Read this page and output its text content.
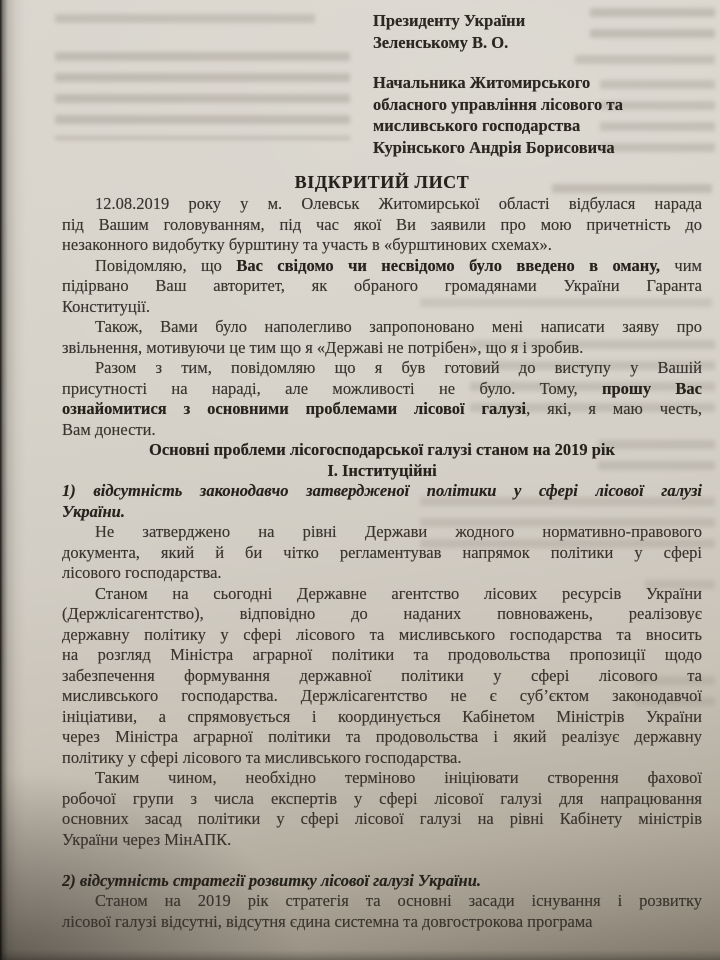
Президенту України
Зеленському В. О.
Начальника Житомирського
обласного управління лісового та
мисливського господарства
Курінського Андрія Борисовича
ВІДКРИТИЙ ЛИСТ
12.08.2019 року у м. Олевськ Житомирської області відбулася нарада
під Вашим головуванням, під час якої Ви заявили про мою причетність до
незаконного видобутку бурштину та участь в «бурштинових схемах».
Повідомляю, що Вас свідомо чи несвідомо було введено в оману, чим
підірвано Ваш авторитет, як обраного громадянами України Гаранта
Конституції.
Також, Вами було наполегливо запропоновано мені написати заяву про
звільнення, мотивуючи це тим що я «Державі не потрібен», що я і зробив.
Разом з тим, повідомляю що я був готовий до виступу у Вашій
присутності на нараді, але можливості не було. Тому, прошу Вас
ознайомитися з основними проблемами лісової галузі, які, я маю честь,
Вам донести.
Основні проблеми лісогосподарської галузі станом на 2019 рік
І. Інституційні
1) відсутність законодавчо затвердженої політики у сфері лісової галузі
України.
Не затверджено на рівні Держави жодного нормативно-правового
документа, який й би чітко регламентував напрямок політики у сфері
лісового господарства.
Станом на сьогодні Державне агентство лісових ресурсів України
(Держлісагентство), відповідно до наданих повноважень, реалізовує
державну політику у сфері лісового та мисливського господарства та вносить
на розгляд Міністра аграрної політики та продовольства пропозиції щодо
забезпечення формування державної політики у сфері лісового та
мисливського господарства. Держлісагентство не є суб’єктом законодавчої
ініціативи, а спрямовується і координується Кабінетом Міністрів України
через Міністра аграрної політики та продовольства і який реалізує державну
політику у сфері лісового та мисливського господарства.
Таким чином, необхідно терміново ініціювати створення фахової
робочої групи з числа експертів у сфері лісової галузі для напрацювання
основних засад політики у сфері лісової галузі на рівні Кабінету міністрів
України через МінАПК.
2) відсутність стратегії розвитку лісової галузі України.
Станом на 2019 рік стратегія та основні засади існування і розвитку
лісової галузі відсутні, відсутня єдина системна та довгострокова програма
